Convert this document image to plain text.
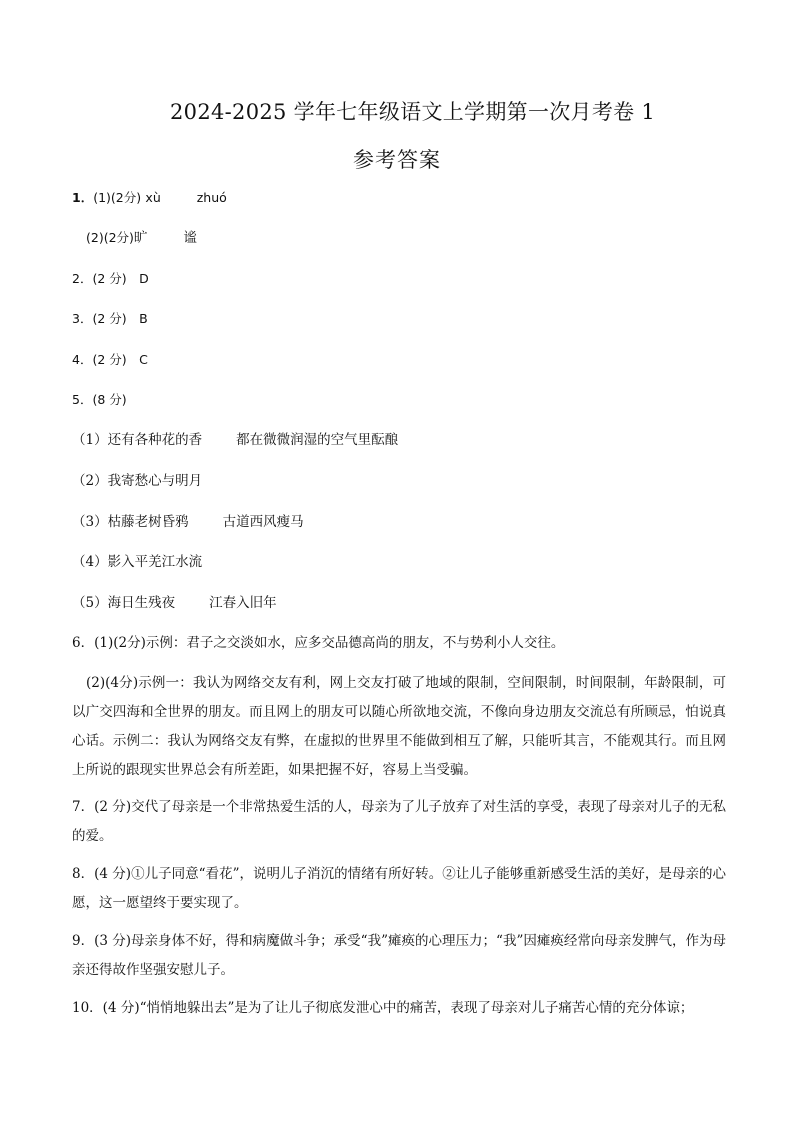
2024-2025 学年七年级语文上学期第一次月考卷 1
参考答案
1．(1)(2分) xù	zhuó
(2)(2分)旷	谧
2．(2 分)　D
3．(2 分)　B
4．(2 分)　C
5．(8 分)
（1）还有各种花的香	都在微微润湿的空气里酝酿
（2）我寄愁心与明月
（3）枯藤老树昏鸦	古道西风瘦马
（4）影入平羌江水流
（5）海日生残夜	江春入旧年
6．(1)(2分)示例：君子之交淡如水，应多交品德高尚的朋友，不与势利小人交往。
(2)(4分)示例一：我认为网络交友有利，网上交友打破了地域的限制，空间限制，时间限制，年龄限制，可以广交四海和全世界的朋友。而且网上的朋友可以随心所欲地交流，不像向身边朋友交流总有所顾忌，怕说真心话。示例二：我认为网络交友有弊，在虚拟的世界里不能做到相互了解，只能听其言，不能观其行。而且网上所说的跟现实世界总会有所差距，如果把握不好，容易上当受骗。
7．(2 分)交代了母亲是一个非常热爱生活的人，母亲为了儿子放弃了对生活的享受，表现了母亲对儿子的无私的爱。
8．(4 分)①儿子同意“看花”，说明儿子消沉的情绪有所好转。②让儿子能够重新感受生活的美好，是母亲的心愿，这一愿望终于要实现了。
9．(3 分)母亲身体不好，得和病魔做斗争；承受“我”瘫痪的心理压力；“我”因瘫痪经常向母亲发脾气，作为母亲还得故作坚强安慰儿子。
10．(4 分)“悄悄地躲出去”是为了让儿子彻底发泄心中的痛苦，表现了母亲对儿子痛苦心情的充分体谅；
